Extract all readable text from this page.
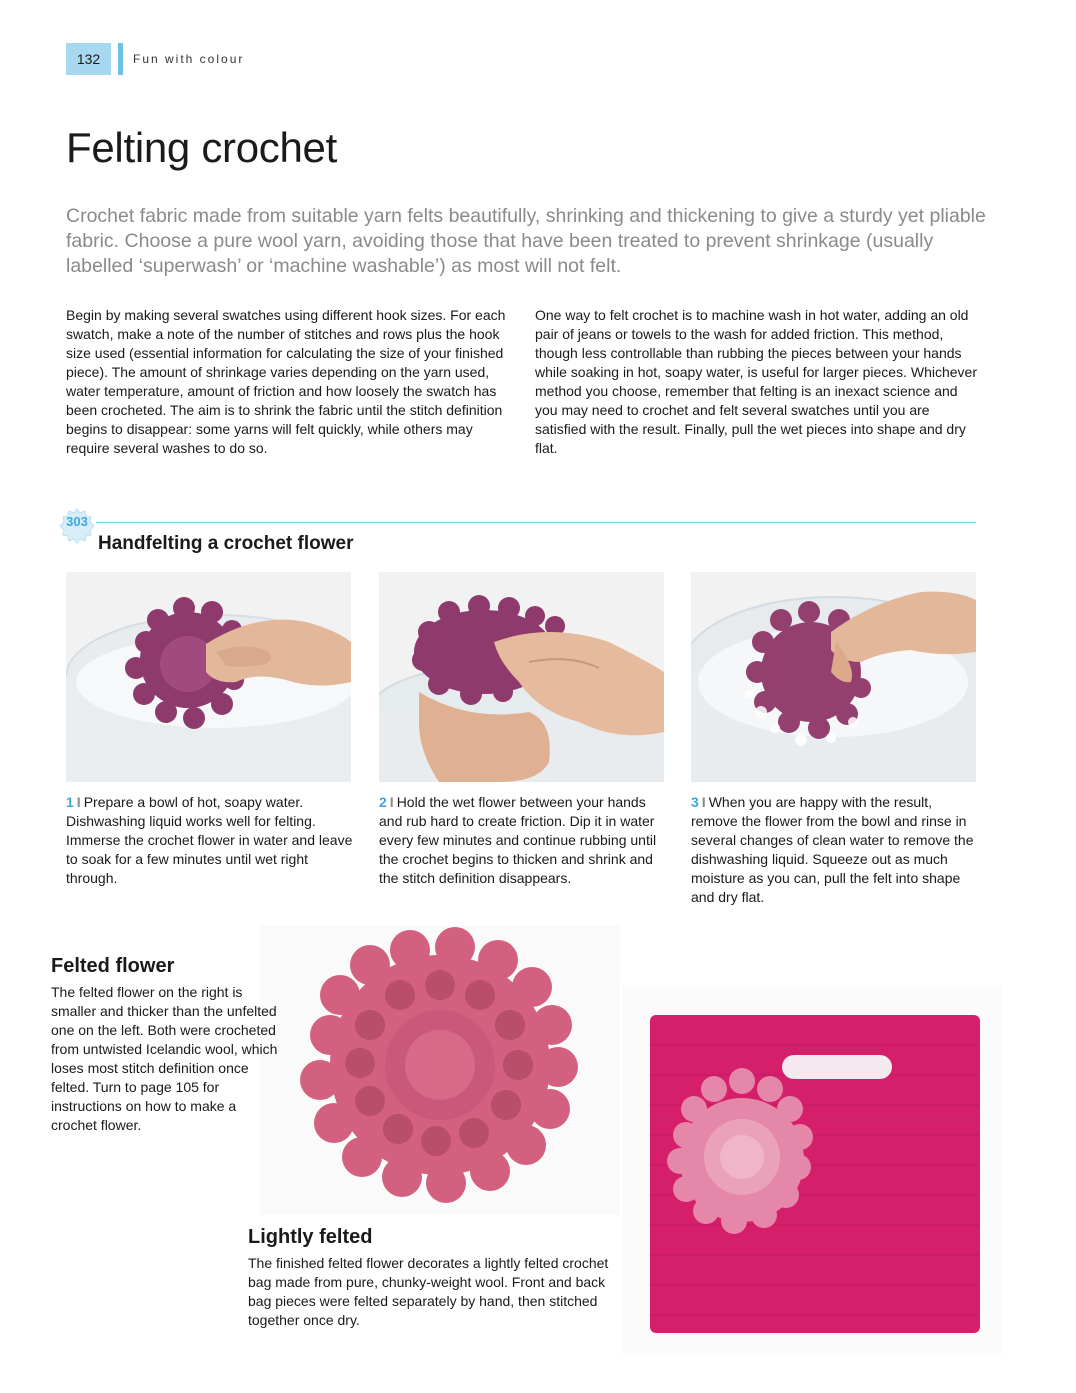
132	Fun with colour
Felting crochet

Crochet fabric made from suitable yarn felts beautifully, shrinking and thickening to give a sturdy yet pliable fabric. Choose a pure wool yarn, avoiding those that have been treated to prevent shrinkage (usually labelled ‘superwash’ or ‘machine washable’) as most will not felt.

Begin by making several swatches using different hook sizes. For each swatch, make a note of the number of stitches and rows plus the hook size used (essential information for calculating the size of your finished piece). The amount of shrinkage varies depending on the yarn used, water temperature, amount of friction and how loosely the swatch has been crocheted. The aim is to shrink the fabric until the stitch definition begins to disappear: some yarns will felt quickly, while others may require several washes to do so.

One way to felt crochet is to machine wash in hot water, adding an old pair of jeans or towels to the wash for added friction. This method, though less controllable than rubbing the pieces between your hands while soaking in hot, soapy water, is useful for larger pieces. Whichever method you choose, remember that felting is an inexact science and you may need to crochet and felt several swatches until you are satisfied with the result. Finally, pull the wet pieces into shape and dry flat.

303
Handfelting a crochet flower

1 I Prepare a bowl of hot, soapy water. Dishwashing liquid works well for felting. Immerse the crochet flower in water and leave to soak for a few minutes until wet right through.

2 I Hold the wet flower between your hands and rub hard to create friction. Dip it in water every few minutes and continue rubbing until the crochet begins to thicken and shrink and the stitch definition disappears.

3 I When you are happy with the result, remove the flower from the bowl and rinse in several changes of clean water to remove the dishwashing liquid. Squeeze out as much moisture as you can, pull the felt into shape and dry flat.

Felted flower

The felted flower on the right is smaller and thicker than the unfelted one on the left. Both were crocheted from untwisted Icelandic wool, which loses most stitch definition once felted. Turn to page 105 for instructions on how to make a crochet flower.

Lightly felted

The finished felted flower decorates a lightly felted crochet bag made from pure, chunky-weight wool. Front and back bag pieces were felted separately by hand, then stitched together once dry.
